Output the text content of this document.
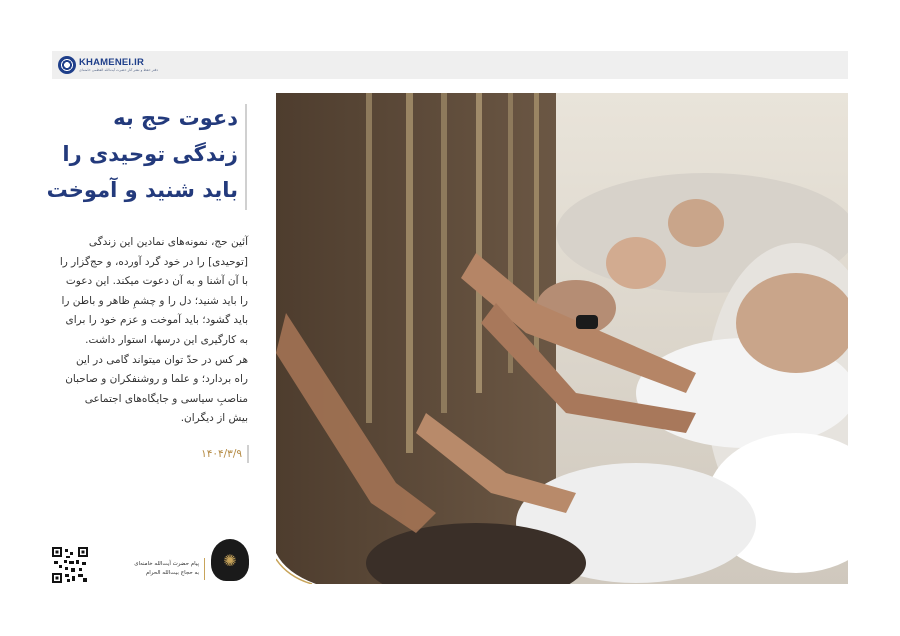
KHAMENEI.IR
دفتر حفظ و نشر آثار حضرت آیت‌الله العظمی خامنه‌ای
دعوت حج به
زندگی توحیدی را
باید شنید و آموخت
آئین حج، نمونه‌های نمادین این زندگی
[توحیدی] را در خود گرد آورده، و حج‌گزار را
با آن آشنا و به آن دعوت میکند. این دعوت
را باید شنید؛ دل را و چشمِ ظاهر و باطن را
باید گشود؛ باید آموخت و عزم خود را برای
به کارگیری این درسها، استوار داشت.
هر کس در حدّ توان میتواند گامی در این
راه بردارد؛ و علما و روشنفکران و صاحبان
مناصبِ سیاسی و جایگاه‌های اجتماعی
بیش از دیگران.
۱۴۰۴/۳/۹
پیام حضرت آیت‌الله خامنه‌ای
به حجاج بیت‌الله الحرام
✺
